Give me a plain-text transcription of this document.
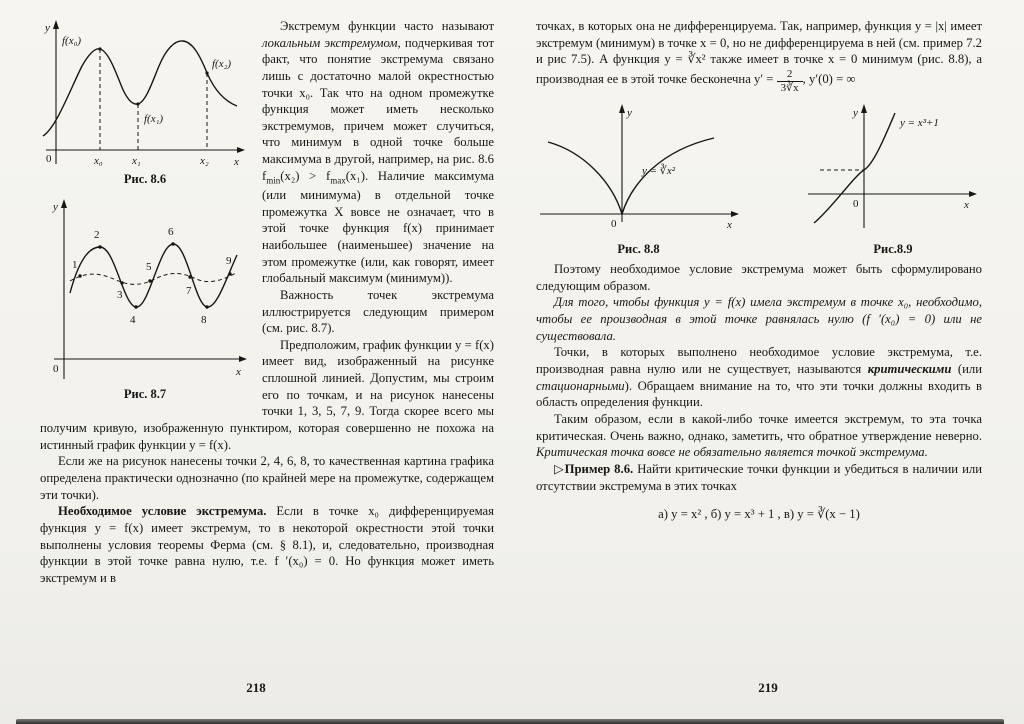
y
x
0	x₀	x₁	x₂
f(x₀)
f(x₁)
f(x₂)
Рис. 8.6
1
2
3
4
5
6
7
8
9
y
x
0
Рис. 8.7

Экстремум функции часто называют локальным экстремумом, подчеркивая тот факт, что понятие экстремума связано лишь с достаточно малой окрестностью точки x₀. Так что на одном промежутке функция может иметь несколько экстремумов, причем может случиться, что минимум в одной точке больше максимума в другой, например, на рис. 8.6 $f_{min}(x_2) > f_{max}(x_1)$. Наличие максимума (или минимума) в отдельной точке промежутка X вовсе не означает, что в этой точке функция f(x) принимает наибольшее (наименьшее) значение на этом промежутке (или, как говорят, имеет глобальный максимум (минимум)).

Важность точек экстремума иллюстрируется следующим примером (см. рис. 8.7).

Предположим, график функции y = f(x) имеет вид, изображенный на рисунке сплошной линией. Допустим, мы строим его по точкам, и на рисунок нанесены точки 1, 3, 5, 7, 9. Тогда скорее всего мы получим кривую, изображенную пунктиром, которая совершенно не похожа на истинный график функции y = f(x).

Если же на рисунок нанесены точки 2, 4, 6, 8, то качественная картина графика определена практически однозначно (по крайней мере на промежутке, содержащем эти точки).

Необходимое условие экстремума. Если в точке x₀ дифференцируемая функция y = f(x) имеет экстремум, то в некоторой окрестности этой точки выполнены условия теоремы Ферма (см. § 8.1), и, следовательно, производная функции в этой точке равна нулю, т.е. f ′(x₀) = 0. Но функция может иметь экстремум и в

218

точках, в которых она не дифференцируема. Так, например, функция y = |x| имеет экстремум (минимум) в точке x = 0, но не дифференцируема в ней (см. пример 7.2 и рис 7.5). А функция y = ∛x² также имеет в точке x = 0 минимум (рис. 8.8), а производная ее в этой точке бесконечна $y' = \frac{2}{3∛x}$ , y′(0) = ∞

y
x
0
y = ∛x²
Рис. 8.8
y
x
0
y = x³+1
Рис.8.9

Поэтому необходимое условие экстремума может быть сформулировано следующим образом.

Для того, чтобы функция y = f(x) имела экстремум в точке x₀, необходимо, чтобы ее производная в этой точке равнялась нулю (f ′(x₀) = 0) или не существовала.

Точки, в которых выполнено необходимое условие экстремума, т.е. производная равна нулю или не существует, называются критическими (или стационарными). Обращаем внимание на то, что эти точки должны входить в область определения функции.

Таким образом, если в какой-либо точке имеется экстремум, то эта точка критическая. Очень важно, однако, заметить, что обратное утверждение неверно. Критическая точка вовсе не обязательно является точкой экстремума.

▷Пример 8.6. Найти критические точки функции и убедиться в наличии или отсутствии экстремума в этих точках

а) y = x² , б) y = x³ + 1 , в) y = ∛(x − 1)
219
